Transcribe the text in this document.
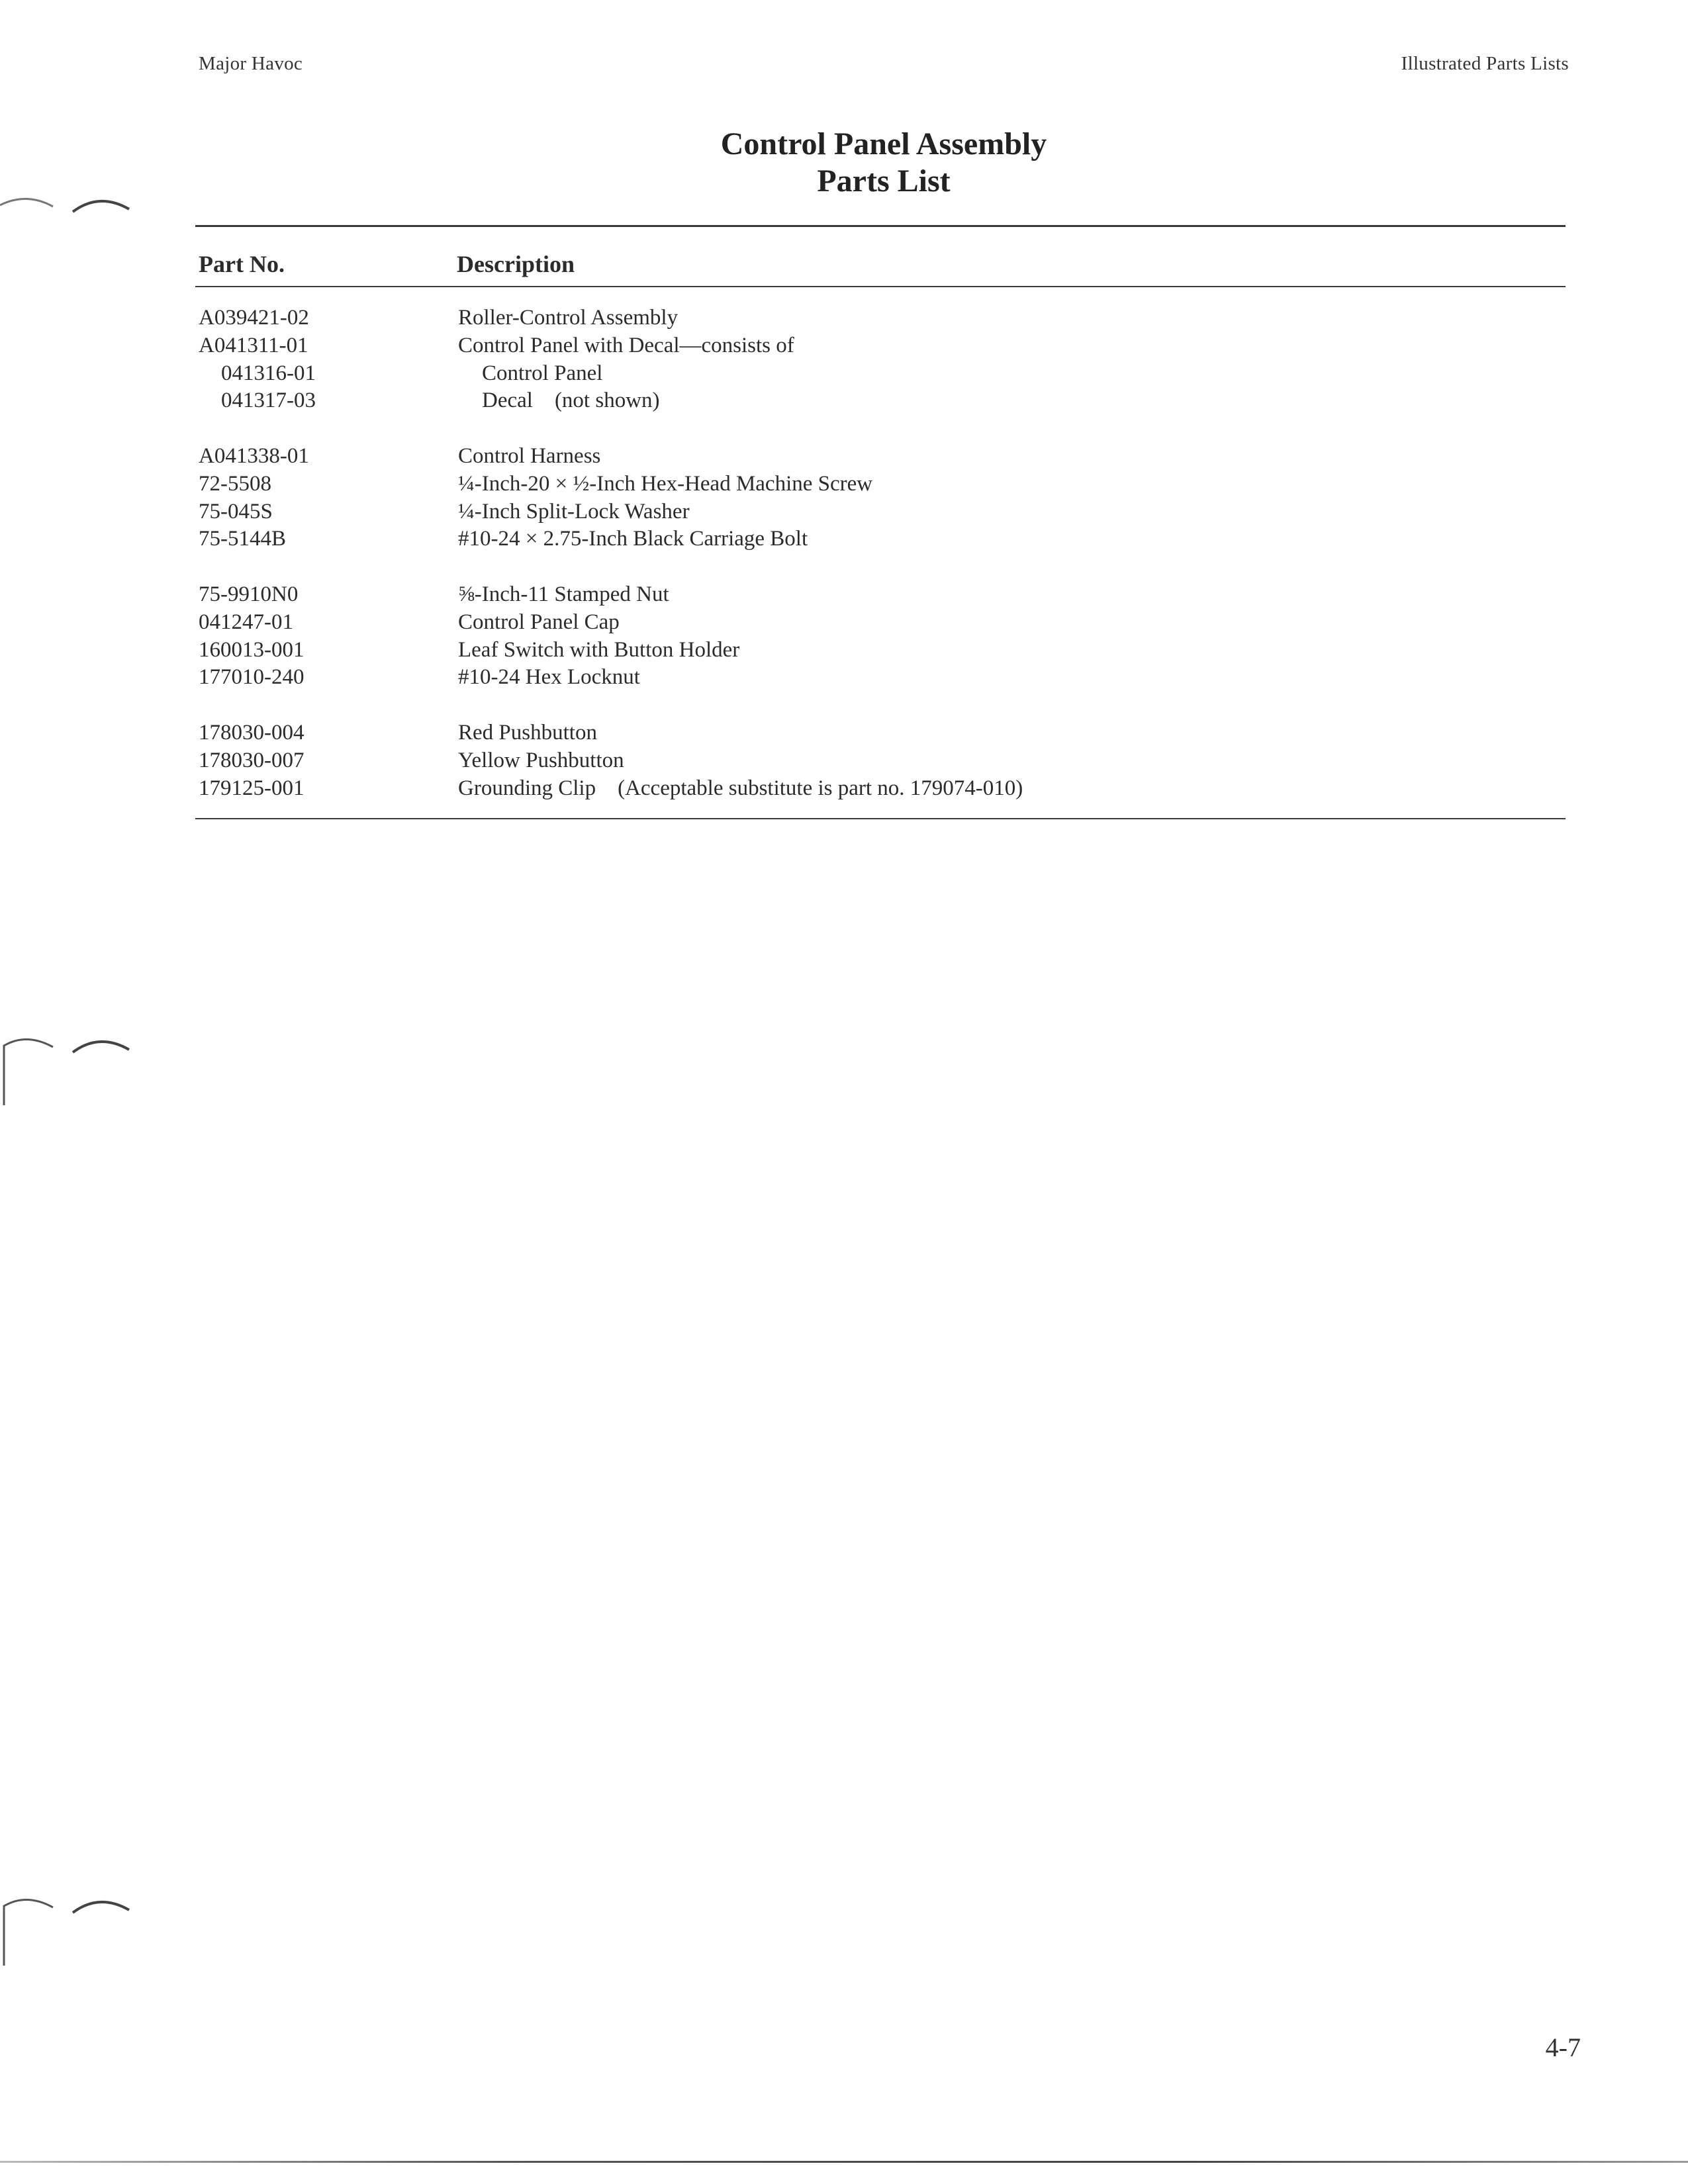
Major Havoc	Illustrated Parts Lists
Control Panel Assembly
Parts List
Part No.	Description
A039421-02	Roller-Control Assembly
A041311-01	Control Panel with Decal—consists of
041316-01	Control Panel
041317-03	Decal    (not shown)
A041338-01	Control Harness
72-5508	¼-Inch-20 × ½-Inch Hex-Head Machine Screw
75-045S	¼-Inch Split-Lock Washer
75-5144B	#10-24 × 2.75-Inch Black Carriage Bolt
75-9910N0	⅝-Inch-11 Stamped Nut
041247-01	Control Panel Cap
160013-001	Leaf Switch with Button Holder
177010-240	#10-24 Hex Locknut
178030-004	Red Pushbutton
178030-007	Yellow Pushbutton
179125-001	Grounding Clip    (Acceptable substitute is part no. 179074-010)
4-7
